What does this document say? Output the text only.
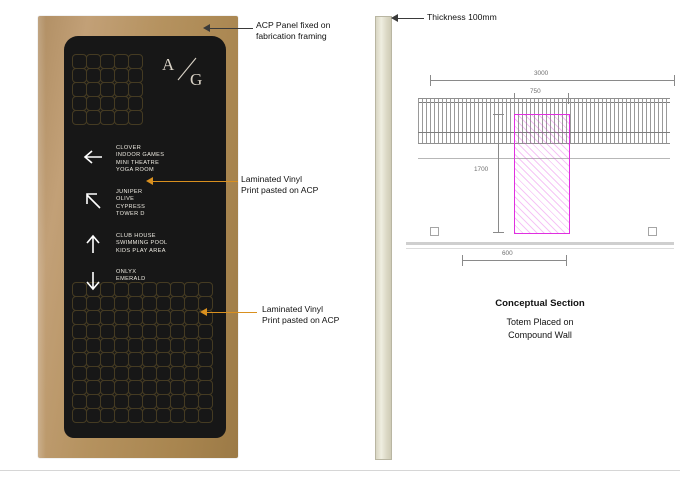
A
G
CLOVER
INDOOR GAMES
MINI THEATRE
YOGA ROOM
JUNIPER
OLIVE
CYPRESS
TOWER D
CLUB HOUSE
SWIMMING POOL
KIDS PLAY AREA
ONLYX
EMERALD
ACP Panel fixed on
fabrication framing
Laminated Vinyl
Print pasted on ACP
Laminated Vinyl
Print pasted on ACP
Thickness 100mm
3000
750
1700
600
Conceptual Section
Totem Placed on
Compound Wall
